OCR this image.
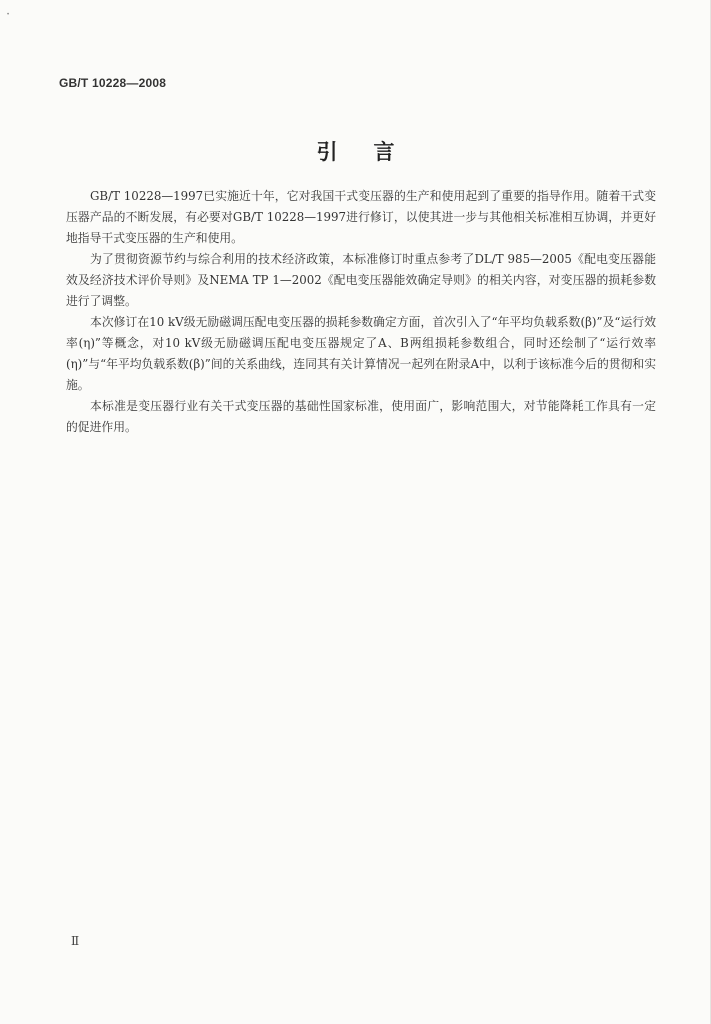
·
GB/T 10228—2008
引言

GB/T 10228—1997已实施近十年，它对我国干式变压器的生产和使用起到了重要的指导作用。随着干式变压器产品的不断发展，有必要对GB/T 10228—1997进行修订，以使其进一步与其他相关标准相互协调，并更好地指导干式变压器的生产和使用。

为了贯彻资源节约与综合利用的技术经济政策，本标准修订时重点参考了DL/T 985—2005《配电变压器能效及经济技术评价导则》及NEMA TP 1—2002《配电变压器能效确定导则》的相关内容，对变压器的损耗参数进行了调整。

本次修订在10 kV级无励磁调压配电变压器的损耗参数确定方面，首次引入了“年平均负载系数(β)”及“运行效率(η)”等概念，对10 kV级无励磁调压配电变压器规定了A、B两组损耗参数组合，同时还绘制了“运行效率(η)”与“年平均负载系数(β)”间的关系曲线，连同其有关计算情况一起列在附录A中，以利于该标准今后的贯彻和实施。

本标准是变压器行业有关干式变压器的基础性国家标准，使用面广，影响范围大，对节能降耗工作具有一定的促进作用。

Ⅱ
